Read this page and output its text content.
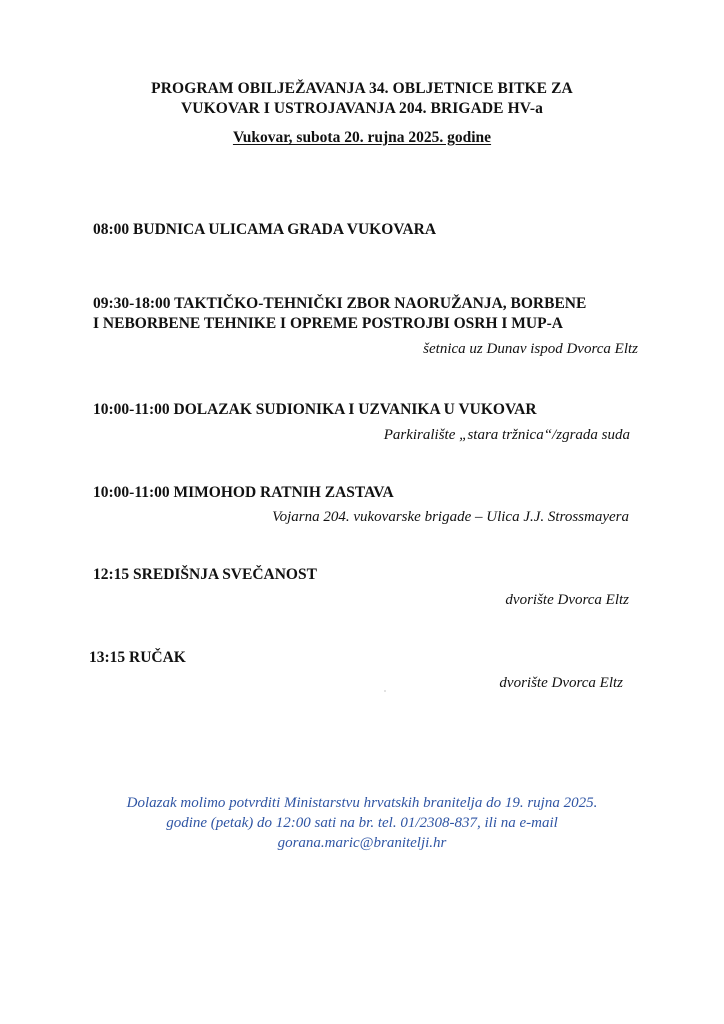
PROGRAM OBILJEŽAVANJA 34. OBLJETNICE BITKE ZA
VUKOVAR I USTROJAVANJA 204. BRIGADE HV-a
Vukovar, subota 20. rujna 2025. godine
08:00 BUDNICA ULICAMA GRADA VUKOVARA
09:30-18:00 TAKTIČKO-TEHNIČKI ZBOR NAORUŽANJA, BORBENE
I NEBORBENE TEHNIKE I OPREME POSTROJBI OSRH I MUP-A
šetnica uz Dunav ispod Dvorca Eltz
10:00-11:00 DOLAZAK SUDIONIKA I UZVANIKA U VUKOVAR
Parkiralište „stara tržnica“/zgrada suda
10:00-11:00 MIMOHOD RATNIH ZASTAVA
Vojarna 204. vukovarske brigade – Ulica J.J. Strossmayera
12:15 SREDIŠNJA SVEČANOST
dvorište Dvorca Eltz
13:15 RUČAK
dvorište Dvorca Eltz
Dolazak molimo potvrditi Ministarstvu hrvatskih branitelja do 19. rujna 2025.
godine (petak) do 12:00 sati na br. tel. 01/2308-837, ili na e-mail
gorana.maric@branitelji.hr
